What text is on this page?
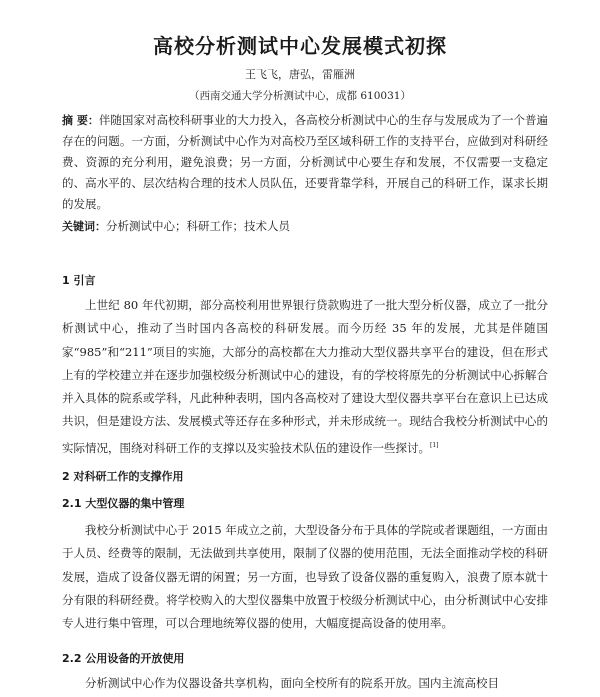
高校分析测试中心发展模式初探
王飞飞，唐弘，雷雁洲
（西南交通大学分析测试中心，成都 610031）
摘 要：伴随国家对高校科研事业的大力投入，各高校分析测试中心的生存与发展成为了一个普遍存在的问题。一方面，分析测试中心作为对高校乃至区域科研工作的支持平台，应做到对科研经费、资源的充分利用，避免浪费；另一方面，分析测试中心要生存和发展，不仅需要一支稳定的、高水平的、层次结构合理的技术人员队伍，还要背靠学科，开展自己的科研工作，谋求长期的发展。
关键词：分析测试中心；科研工作；技术人员
1 引言
上世纪 80 年代初期，部分高校利用世界银行贷款购进了一批大型分析仪器，成立了一批分析测试中心，推动了当时国内各高校的科研发展。而今历经 35 年的发展，尤其是伴随国家“985”和“211”项目的实施，大部分的高校都在大力推动大型仪器共享平台的建设，但在形式上有的学校建立并在逐步加强校级分析测试中心的建设，有的学校将原先的分析测试中心拆解合并入具体的院系或学科，凡此种种表明，国内各高校对了建设大型仪器共享平台在意识上已达成共识，但是建设方法、发展模式等还存在多种形式，并未形成统一。现结合我校分析测试中心的实际情况，围绕对科研工作的支撑以及实验技术队伍的建设作一些探讨。[1]
2 对科研工作的支撑作用
2.1 大型仪器的集中管理
我校分析测试中心于 2015 年成立之前，大型设备分布于具体的学院或者课题组，一方面由于人员、经费等的限制，无法做到共享使用，限制了仪器的使用范围，无法全面推动学校的科研发展，造成了设备仪器无谓的闲置；另一方面，也导致了设备仪器的重复购入，浪费了原本就十分有限的科研经费。将学校购入的大型仪器集中放置于校级分析测试中心，由分析测试中心安排专人进行集中管理，可以合理地统筹仪器的使用，大幅度提高设备的使用率。
2.2 公用设备的开放使用
分析测试中心作为仪器设备共享机构，面向全校所有的院系开放。国内主流高校目
